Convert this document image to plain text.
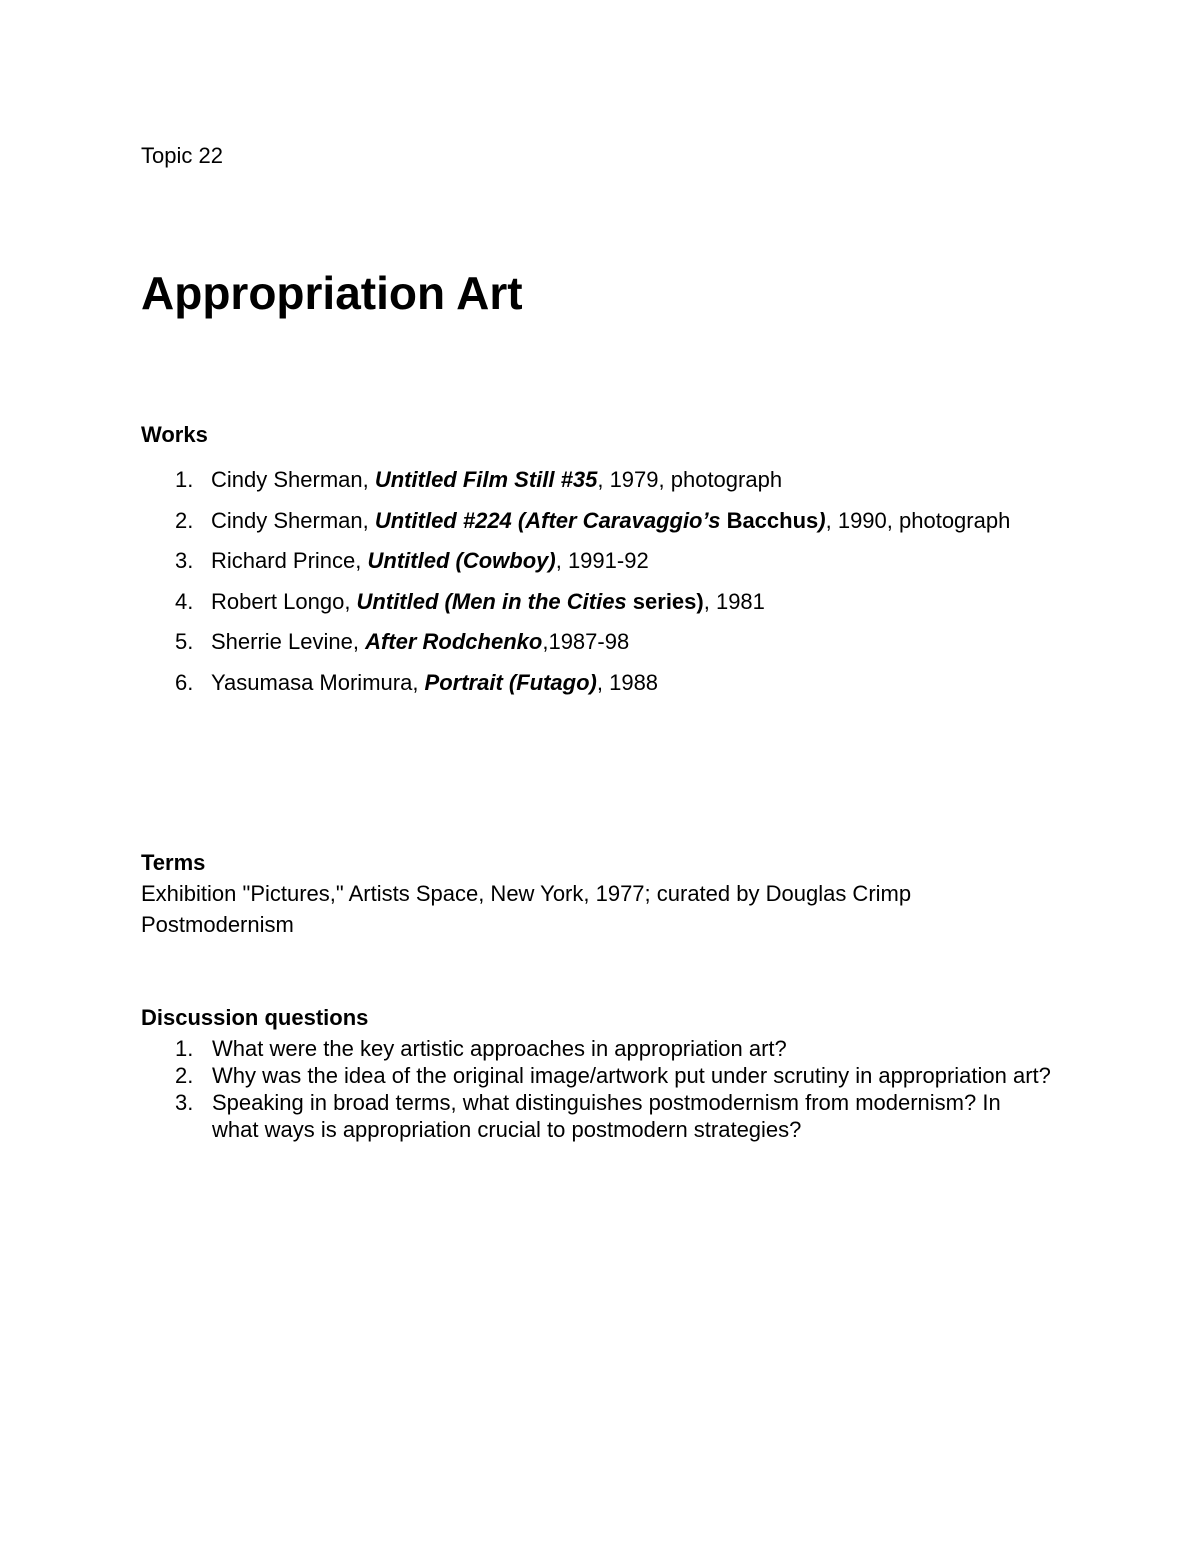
Topic 22

Appropriation Art
Works
1. Cindy Sherman, Untitled Film Still #35, 1979, photograph
2. Cindy Sherman, Untitled #224 (After Caravaggio’s Bacchus), 1990, photograph
3. Richard Prince, Untitled (Cowboy), 1991-92
4. Robert Longo, Untitled (Men in the Cities series), 1981
5. Sherrie Levine, After Rodchenko,1987-98
6. Yasumasa Morimura, Portrait (Futago), 1988
Terms

Exhibition "Pictures," Artists Space, New York, 1977; curated by Douglas Crimp

Postmodernism

Discussion questions
1. What were the key artistic approaches in appropriation art?
2. Why was the idea of the original image/artwork put under scrutiny in appropriation art?
3. Speaking in broad terms, what distinguishes postmodernism from modernism? In what ways is appropriation crucial to postmodern strategies?
